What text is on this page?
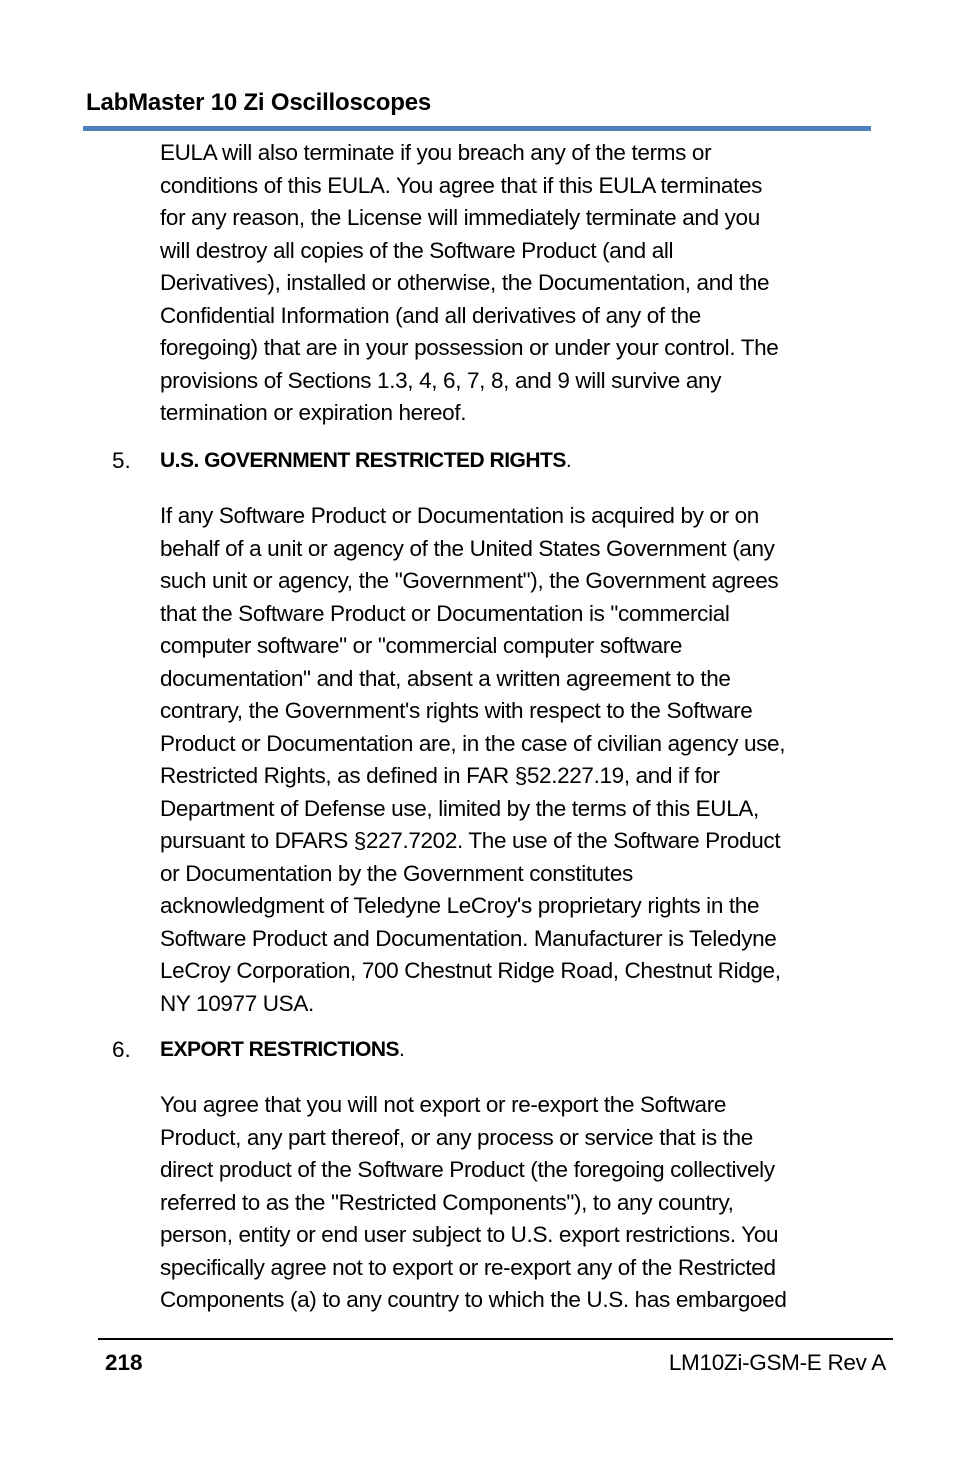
LabMaster 10 Zi Oscilloscopes
EULA will also terminate if you breach any of the terms or
conditions of this EULA. You agree that if this EULA terminates
for any reason, the License will immediately terminate and you
will destroy all copies of the Software Product (and all
Derivatives), installed or otherwise, the Documentation, and the
Confidential Information (and all derivatives of any of the
foregoing) that are in your possession or under your control. The
provisions of Sections 1.3, 4, 6, 7, 8, and 9 will survive any
termination or expiration hereof.
5. U.S. GOVERNMENT RESTRICTED RIGHTS.
If any Software Product or Documentation is acquired by or on
behalf of a unit or agency of the United States Government (any
such unit or agency, the "Government"), the Government agrees
that the Software Product or Documentation is "commercial
computer software" or "commercial computer software
documentation" and that, absent a written agreement to the
contrary, the Government's rights with respect to the Software
Product or Documentation are, in the case of civilian agency use,
Restricted Rights, as defined in FAR §52.227.19, and if for
Department of Defense use, limited by the terms of this EULA,
pursuant to DFARS §227.7202. The use of the Software Product
or Documentation by the Government constitutes
acknowledgment of Teledyne LeCroy's proprietary rights in the
Software Product and Documentation. Manufacturer is Teledyne
LeCroy Corporation, 700 Chestnut Ridge Road, Chestnut Ridge,
NY 10977 USA.
6. EXPORT RESTRICTIONS.
You agree that you will not export or re-export the Software
Product, any part thereof, or any process or service that is the
direct product of the Software Product (the foregoing collectively
referred to as the "Restricted Components"), to any country,
person, entity or end user subject to U.S. export restrictions. You
specifically agree not to export or re-export any of the Restricted
Components (a) to any country to which the U.S. has embargoed
218	LM10Zi-GSM-E Rev A
